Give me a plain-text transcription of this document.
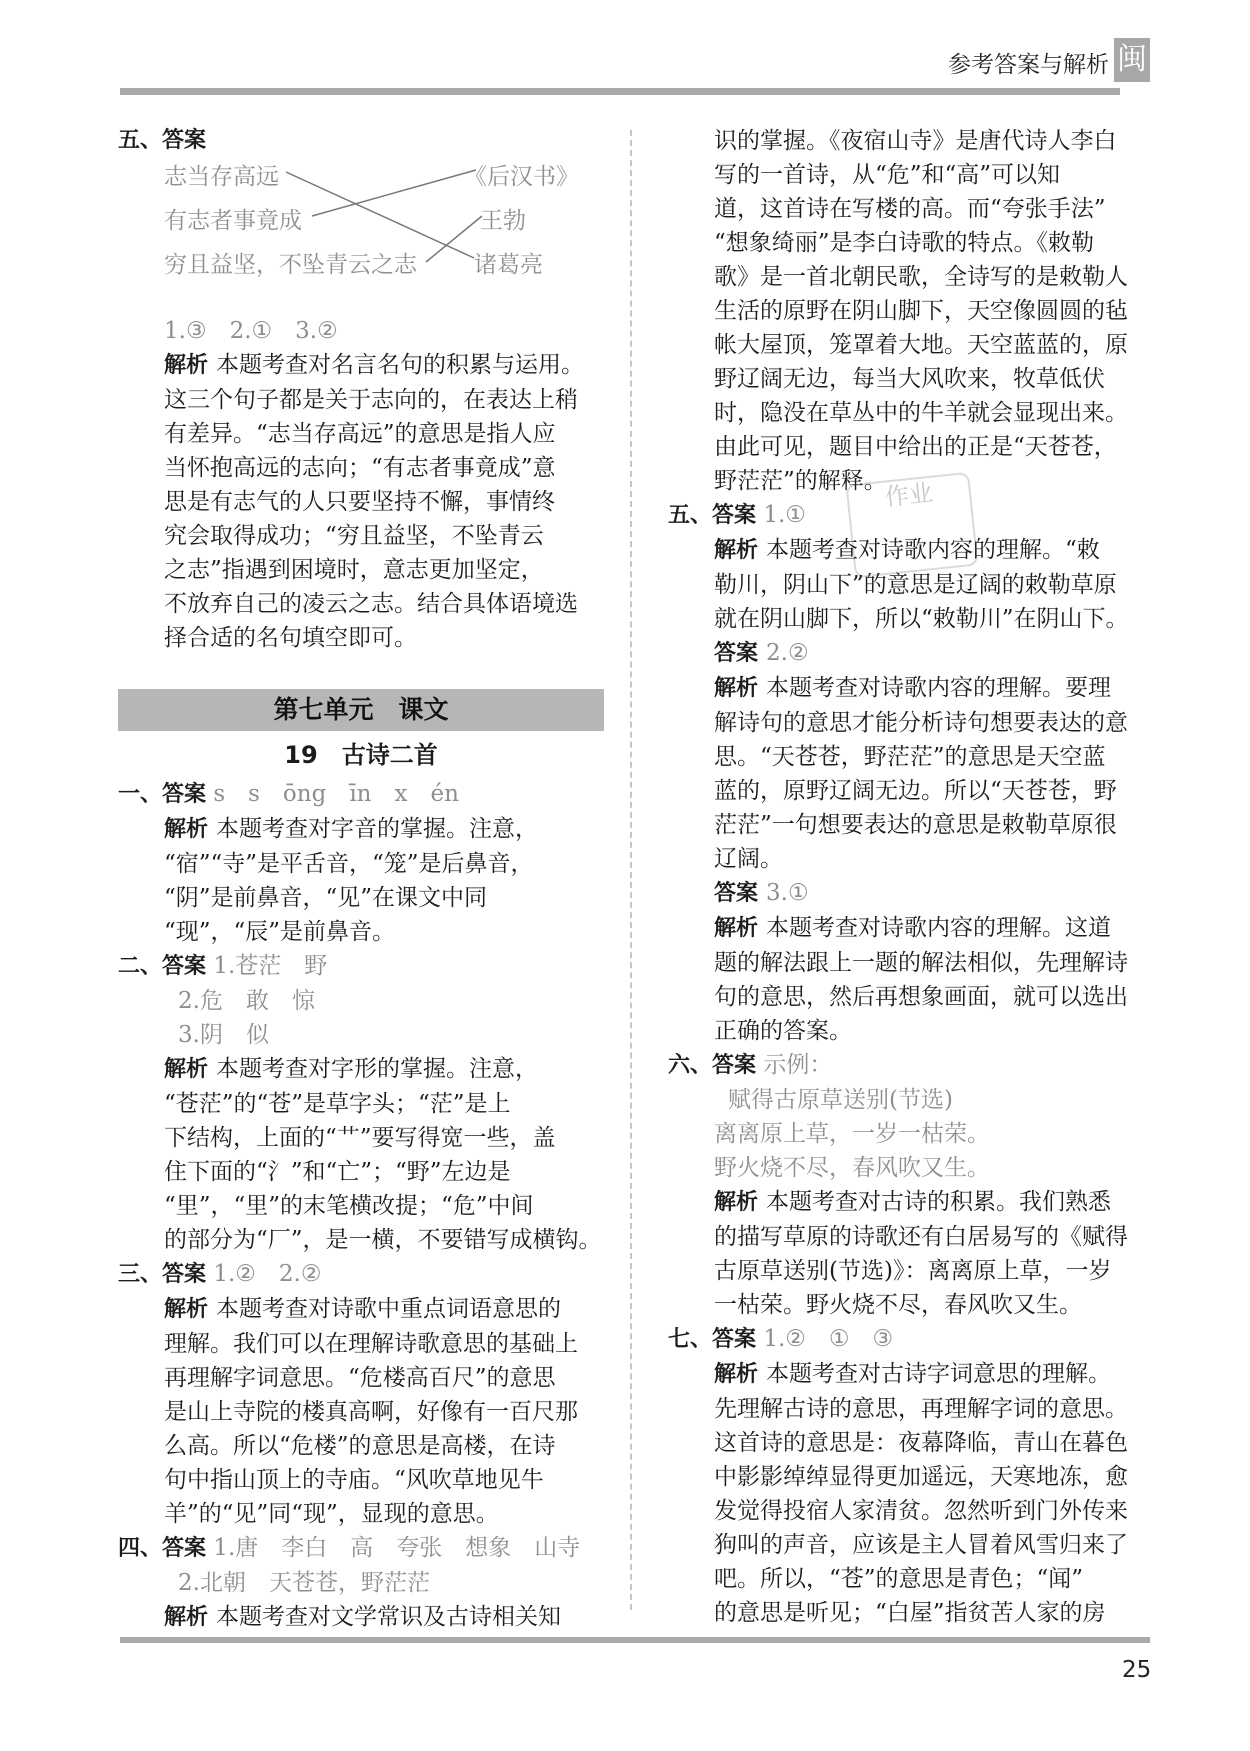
参考答案与解析 闽
25
作业

五、答案

志当存高远
有志者事竟成
穷且益坚，不坠青云之志
《后汉书》
王勃
诸葛亮

1.③　2.①　3.②

解析 本题考查对名言名句的积累与运用。

这三个句子都是关于志向的，在表达上稍

有差异。“志当存高远”的意思是指人应

当怀抱高远的志向；“有志者事竟成”意

思是有志气的人只要坚持不懈，事情终

究会取得成功；“穷且益坚，不坠青云

之志”指遇到困境时，意志更加坚定，

不放弃自己的凌云之志。结合具体语境选

择合适的名句填空即可。

第七单元　课文
19　古诗二首

一、答案 s　s　ōng　īn　x　én

解析 本题考查对字音的掌握。注意，

“宿”“寺”是平舌音，“笼”是后鼻音，

“阴”是前鼻音，“见”在课文中同

“现”，“辰”是前鼻音。

二、答案 1.苍茫　野

2.危　敢　惊

3.阴　似

解析 本题考查对字形的掌握。注意，

“苍茫”的“苍”是草字头；“茫”是上

下结构，上面的“艹”要写得宽一些，盖

住下面的“氵”和“亡”；“野”左边是

“里”，“里”的末笔横改提；“危”中间

的部分为“厂”，是一横，不要错写成横钩。

三、答案 1.②　2.②

解析 本题考查对诗歌中重点词语意思的

理解。我们可以在理解诗歌意思的基础上

再理解字词意思。“危楼高百尺”的意思

是山上寺院的楼真高啊，好像有一百尺那

么高。所以“危楼”的意思是高楼，在诗

句中指山顶上的寺庙。“风吹草地见牛

羊”的“见”同“现”，显现的意思。

四、答案 1.唐　李白　高　夸张　想象　山寺

2.北朝　天苍苍，野茫茫

解析 本题考查对文学常识及古诗相关知

识的掌握。《夜宿山寺》是唐代诗人李白

写的一首诗，从“危”和“高”可以知

道，这首诗在写楼的高。而“夸张手法”

“想象绮丽”是李白诗歌的特点。《敕勒

歌》是一首北朝民歌，全诗写的是敕勒人

生活的原野在阴山脚下，天空像圆圆的毡

帐大屋顶，笼罩着大地。天空蓝蓝的，原

野辽阔无边，每当大风吹来，牧草低伏

时，隐没在草丛中的牛羊就会显现出来。

由此可见，题目中给出的正是“天苍苍，

野茫茫”的解释。

五、答案 1.①

解析 本题考查对诗歌内容的理解。“敕

勒川，阴山下”的意思是辽阔的敕勒草原

就在阴山脚下，所以“敕勒川”在阴山下。

答案 2.②

解析 本题考查对诗歌内容的理解。要理

解诗句的意思才能分析诗句想要表达的意

思。“天苍苍，野茫茫”的意思是天空蓝

蓝的，原野辽阔无边。所以“天苍苍，野

茫茫”一句想要表达的意思是敕勒草原很

辽阔。

答案 3.①

解析 本题考查对诗歌内容的理解。这道

题的解法跟上一题的解法相似，先理解诗

句的意思，然后再想象画面，就可以选出

正确的答案。

六、答案 示例：

赋得古原草送别(节选)

离离原上草，一岁一枯荣。

野火烧不尽，春风吹又生。

解析 本题考查对古诗的积累。我们熟悉

的描写草原的诗歌还有白居易写的《赋得

古原草送别(节选)》：离离原上草，一岁

一枯荣。野火烧不尽，春风吹又生。

七、答案 1.②　①　③

解析 本题考查对古诗字词意思的理解。

先理解古诗的意思，再理解字词的意思。

这首诗的意思是：夜幕降临，青山在暮色

中影影绰绰显得更加遥远，天寒地冻，愈

发觉得投宿人家清贫。忽然听到门外传来

狗叫的声音，应该是主人冒着风雪归来了

吧。所以，“苍”的意思是青色；“闻”

的意思是听见；“白屋”指贫苦人家的房
